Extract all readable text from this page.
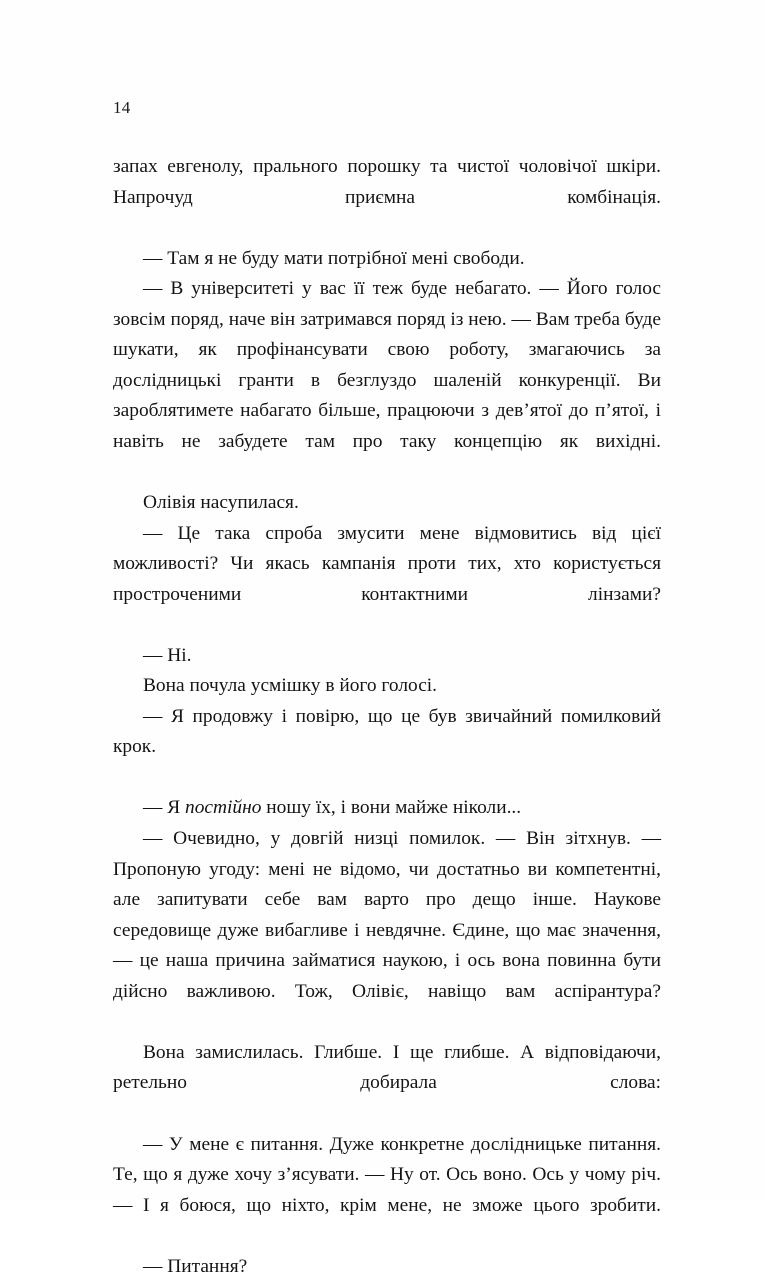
14

запах евгенолу, прального порошку та чистої чоловічої шкіри. Напрочуд приємна комбінація.

— Там я не буду мати потрібної мені свободи.

— В університеті у вас її теж буде небагато. — Його голос зовсім поряд, наче він затримався поряд із нею. — Вам треба буде шукати, як профінансувати свою роботу, змагаючись за дослідницькі гранти в безглуздо шаленій конкуренції. Ви зароблятимете набагато більше, працюючи з дев’ятої до п’ятої, і навіть не забудете там про таку концепцію як вихідні.

Олівія насупилася.

— Це така спроба змусити мене відмовитись від цієї можливості? Чи якась кампанія проти тих, хто користується простроченими контактними лінзами?

— Ні.

Вона почула усмішку в його голосі.

— Я продовжу і повірю, що це був звичайний помилковий крок.

— Я постійно ношу їх, і вони майже ніколи...

— Очевидно, у довгій низці помилок. — Він зітхнув. — Пропоную угоду: мені не відомо, чи достатньо ви компетентні, але запитувати себе вам варто про дещо інше. Наукове середовище дуже вибагливе і невдячне. Єдине, що має значення, — це наша причина займатися наукою, і ось вона повинна бути дійсно важливою. Тож, Олівіє, навіщо вам аспірантура?

Вона замислилась. Глибше. І ще глибше. А відповідаючи, ретельно добирала слова:

— У мене є питання. Дуже конкретне дослідницьке питання. Те, що я дуже хочу з’ясувати. — Ну от. Ось воно. Ось у чому річ. — І я боюся, що ніхто, крім мене, не зможе цього зробити.

— Питання?
